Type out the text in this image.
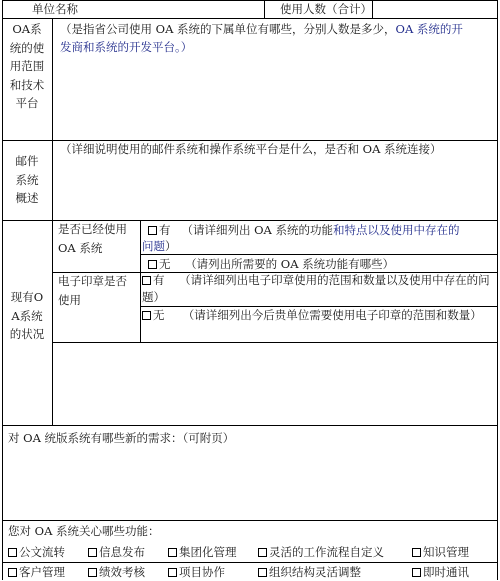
单位名称	使用人数（合计）
OA系统的使用范围和技术平台
（是指省公司使用 OA 系统的下属单位有哪些，分别人数是多少，OA 系统的开
发商和系统的开发平台。）
邮件系统概述
（详细说明使用的邮件系统和操作系统平台是什么，是否和 OA 系统连接）
现有OA系统的状况
是否已经使用 OA 系统
有 （请详细列出 OA 系统的功能和特点以及使用中存在的
问题）
无 （请列出所需要的 OA 系统功能有哪些）
电子印章是否使用
有 （请详细列出电子印章使用的范围和数量以及使用中存在的问题）
无 （请详细列出今后贵单位需要使用电子印章的范围和数量）
对 OA 统版系统有哪些新的需求：（可附页）
您对 OA 系统关心哪些功能：
公文流转	信息发布	集团化管理	灵活的工作流程自定义	知识管理
客户管理	绩效考核	项目协作	组织结构灵活调整	即时通讯
